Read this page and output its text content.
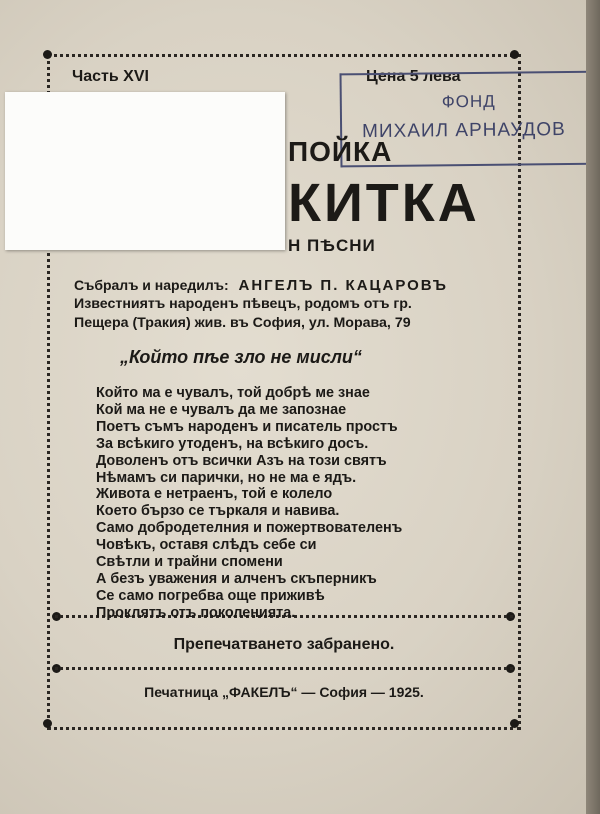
Часть XVI	Цена 5 лева
ФОНД
МИХАИЛ АРНАУДОВ
ПОЙКА
КИТКА
Н ПѢСНИ
Събралъ и наредилъ: АНГЕЛЪ П. КАЦАРОВЪ
Известниятъ народенъ пѣвецъ, родомъ отъ гр.
Пещера (Тракия) жив. въ София, ул. Морава, 79
„Който пѣе зло не мисли“
Който ма е чувалъ, той добрѣ ме знае
Кой ма не е чувалъ да ме запознае
Поетъ съмъ народенъ и писатель простъ
За всѣкиго утоденъ, на всѣкиго досъ.
Доволенъ отъ всички Азъ на този святъ
Нѣмамъ си парички, но не ма е ядъ.
Живота е нетраенъ, той е колело
Което бързо се търкаля и навива.
Само добродетелния и пожертвователенъ
Човѣкъ, оставя слѣдъ себе си
Свѣтли и трайни спомени
А безъ уважения и алченъ скъперникъ
Се само погребва още приживѣ
Проклятъ отъ поколенията.
Препечатването забранено.
Печатница „ФАКЕЛЪ“ — София — 1925.
